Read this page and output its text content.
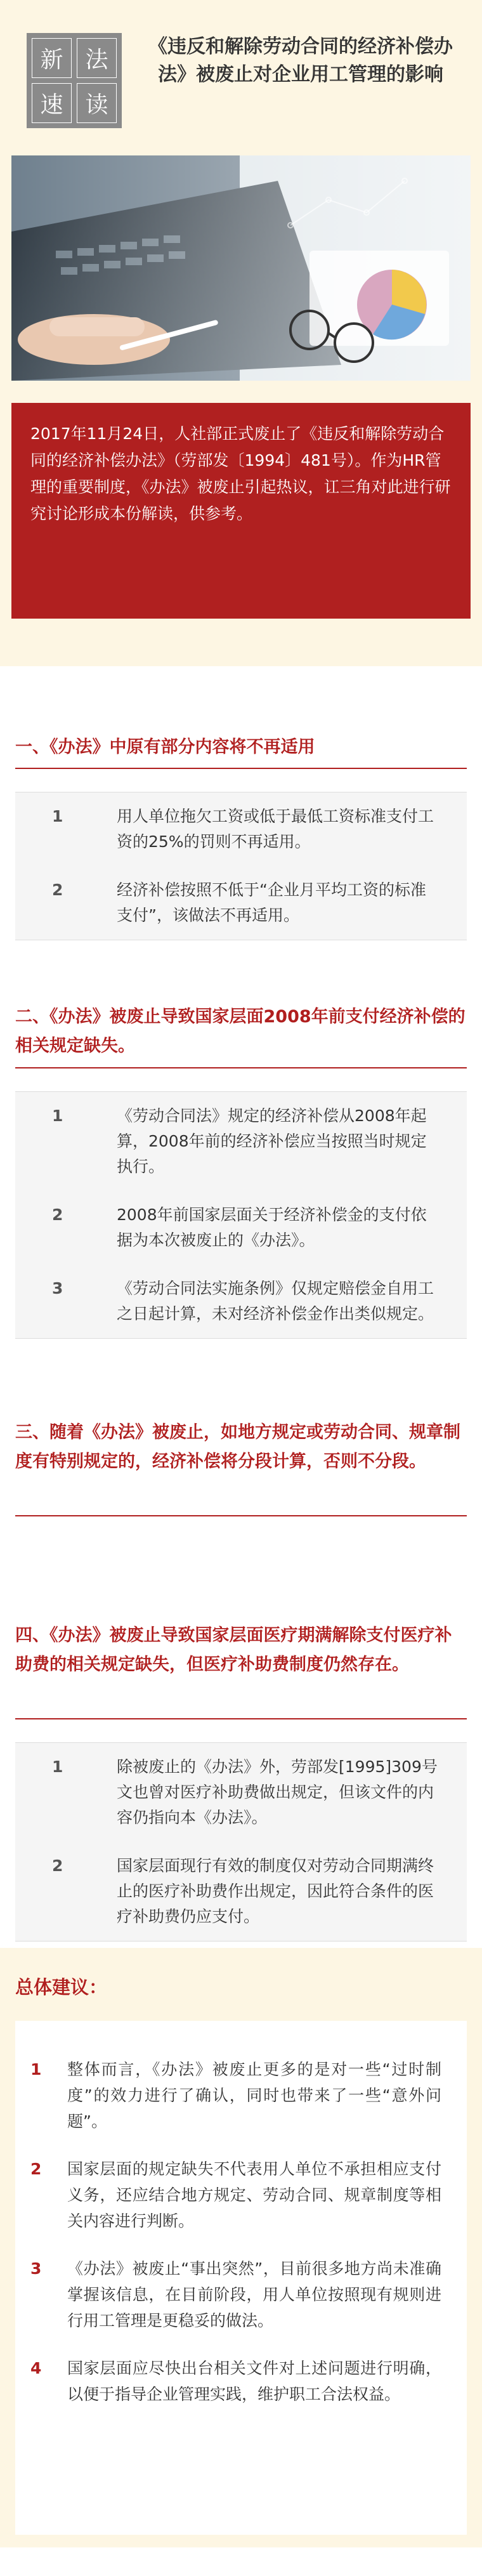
新 法
速 读
《违反和解除劳动合同的经济补偿办法》被废止对企业用工管理的影响
2017年11月24日，人社部正式废止了《违反和解除劳动合同的经济补偿办法》（劳部发〔1994〕481号）。作为HR管理的重要制度，《办法》被废止引起热议，讧三角对此进行研究讨论形成本份解读，供参考。
一、《办法》中原有部分内容将不再适用
1	用人单位拖欠工资或低于最低工资标准支付工资的25%的罚则不再适用。
2	经济补偿按照不低于“企业月平均工资的标准支付”，该做法不再适用。
二、《办法》被废止导致国家层面2008年前支付经济补偿的相关规定缺失。
1	《劳动合同法》规定的经济补偿从2008年起算，2008年前的经济补偿应当按照当时规定执行。
2	2008年前国家层面关于经济补偿金的支付依据为本次被废止的《办法》。
3	《劳动合同法实施条例》仅规定赔偿金自用工之日起计算，未对经济补偿金作出类似规定。
三、随着《办法》被废止，如地方规定或劳动合同、规章制度有特别规定的，经济补偿将分段计算，否则不分段。
四、《办法》被废止导致国家层面医疗期满解除支付医疗补助费的相关规定缺失，但医疗补助费制度仍然存在。
1	除被废止的《办法》外，劳部发[1995]309号文也曾对医疗补助费做出规定，但该文件的内容仍指向本《办法》。
2	国家层面现行有效的制度仅对劳动合同期满终止的医疗补助费作出规定，因此符合条件的医疗补助费仍应支付。
总体建议：
1 整体而言，《办法》被废止更多的是对一些“过时制度”的效力进行了确认，同时也带来了一些“意外问题”。
2 国家层面的规定缺失不代表用人单位不承担相应支付义务，还应结合地方规定、劳动合同、规章制度等相关内容进行判断。
3 《办法》被废止“事出突然”，目前很多地方尚未准确掌握该信息，在目前阶段，用人单位按照现有规则进行用工管理是更稳妥的做法。
4 国家层面应尽快出台相关文件对上述问题进行明确，以便于指导企业管理实践，维护职工合法权益。
